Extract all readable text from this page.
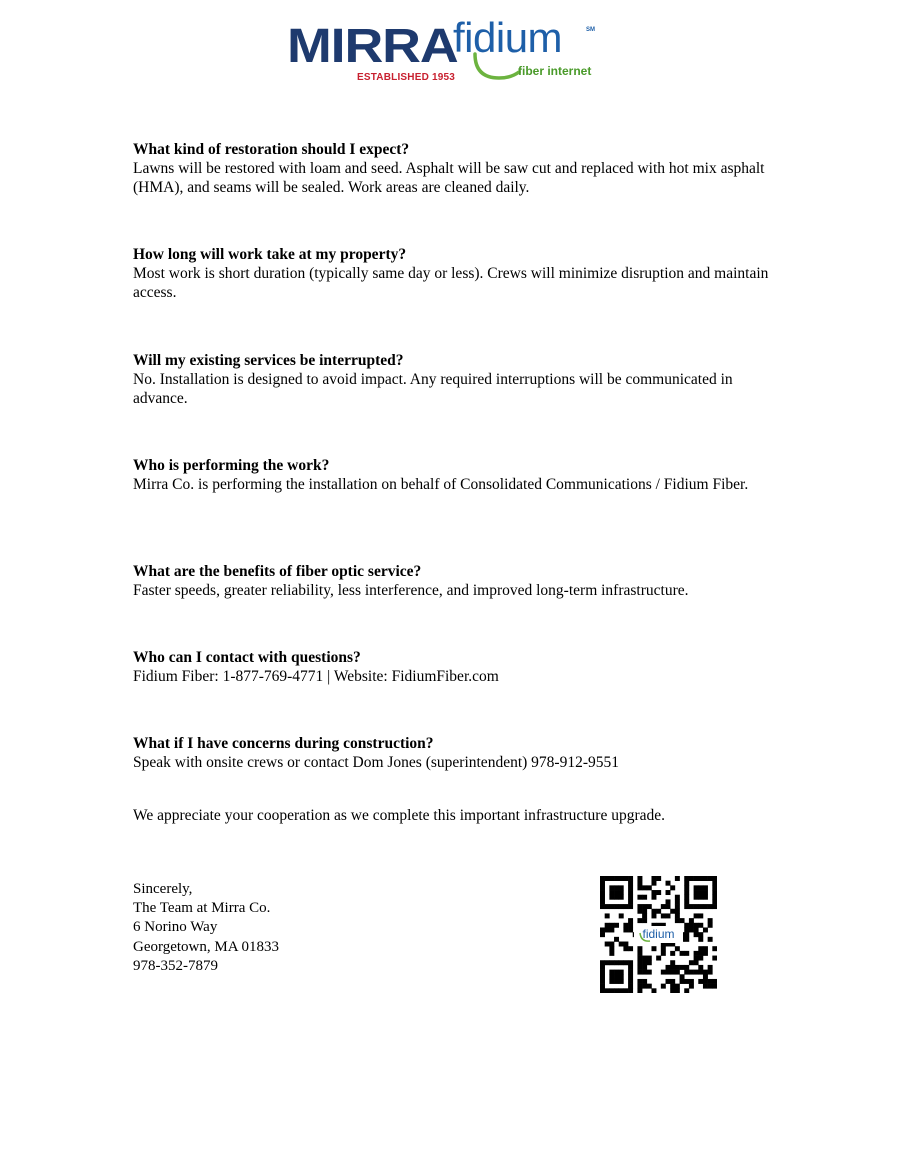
MIRRA
ESTABLISHED 1953
fidium	SM
fiber internet
What kind of restoration should I expect?
Lawns will be restored with loam and seed. Asphalt will be saw cut and replaced with hot mix asphalt (HMA), and seams will be sealed. Work areas are cleaned daily.
How long will work take at my property?
Most work is short duration (typically same day or less). Crews will minimize disruption and maintain access.
Will my existing services be interrupted?
No. Installation is designed to avoid impact. Any required interruptions will be communicated in advance.
Who is performing the work?
Mirra Co. is performing the installation on behalf of Consolidated Communications / Fidium Fiber.
What are the benefits of fiber optic service?
Faster speeds, greater reliability, less interference, and improved long-term infrastructure.
Who can I contact with questions?
Fidium Fiber: 1-877-769-4771 | Website: FidiumFiber.com
What if I have concerns during construction?
Speak with onsite crews or contact Dom Jones (superintendent) 978-912-9551
We appreciate your cooperation as we complete this important infrastructure upgrade.
Sincerely,
The Team at Mirra Co.
6 Norino Way
Georgetown, MA 01833
978-352-7879
fidium
